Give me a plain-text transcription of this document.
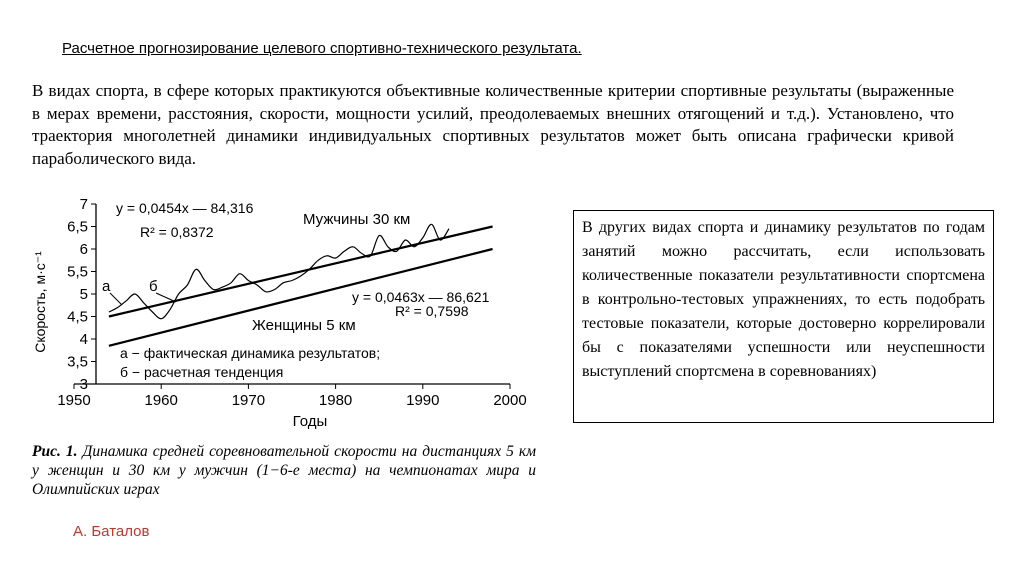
Расчетное прогнозирование целевого спортивно-технического результата.
В видах спорта, в сфере которых практикуются объективные количественные критерии спортивные результаты (выраженные в мерах времени, расстояния, скорости, мощности усилий, преодолеваемых внешних отягощений и т.д.). Установлено, что траектория многолетней динамики индивидуальных спортивных результатов может быть описана графически кривой параболического вида.
1950	1960	1970	1980	1990	2000
3
3,5
4
4,5
5
5,5
6
6,5
7
Скорость, м·с⁻¹
Годы
y = 0,0454x — 84,316
R² = 0,8372
Мужчины 30 км
y = 0,0463x — 86,621
R² = 0,7598
Женщины 5 км
а	б
а − фактическая динамика результатов;
б − расчетная тенденция
Рис. 1. Динамика средней соревновательной скорости на дистанциях 5 км у женщин и 30 км у мужчин (1−6-е места) на чемпионатах мира и Олимпийских играх
В других видах спорта и динамику результатов по годам занятий можно рассчитать, если использовать количественные показатели результативности спортсмена в контрольно-тестовых упражнениях, то есть подобрать тестовые показатели, которые достоверно коррелировали бы с показателями успешности или неуспешности выступлений спортсмена в соревнованиях)
А. Баталов
